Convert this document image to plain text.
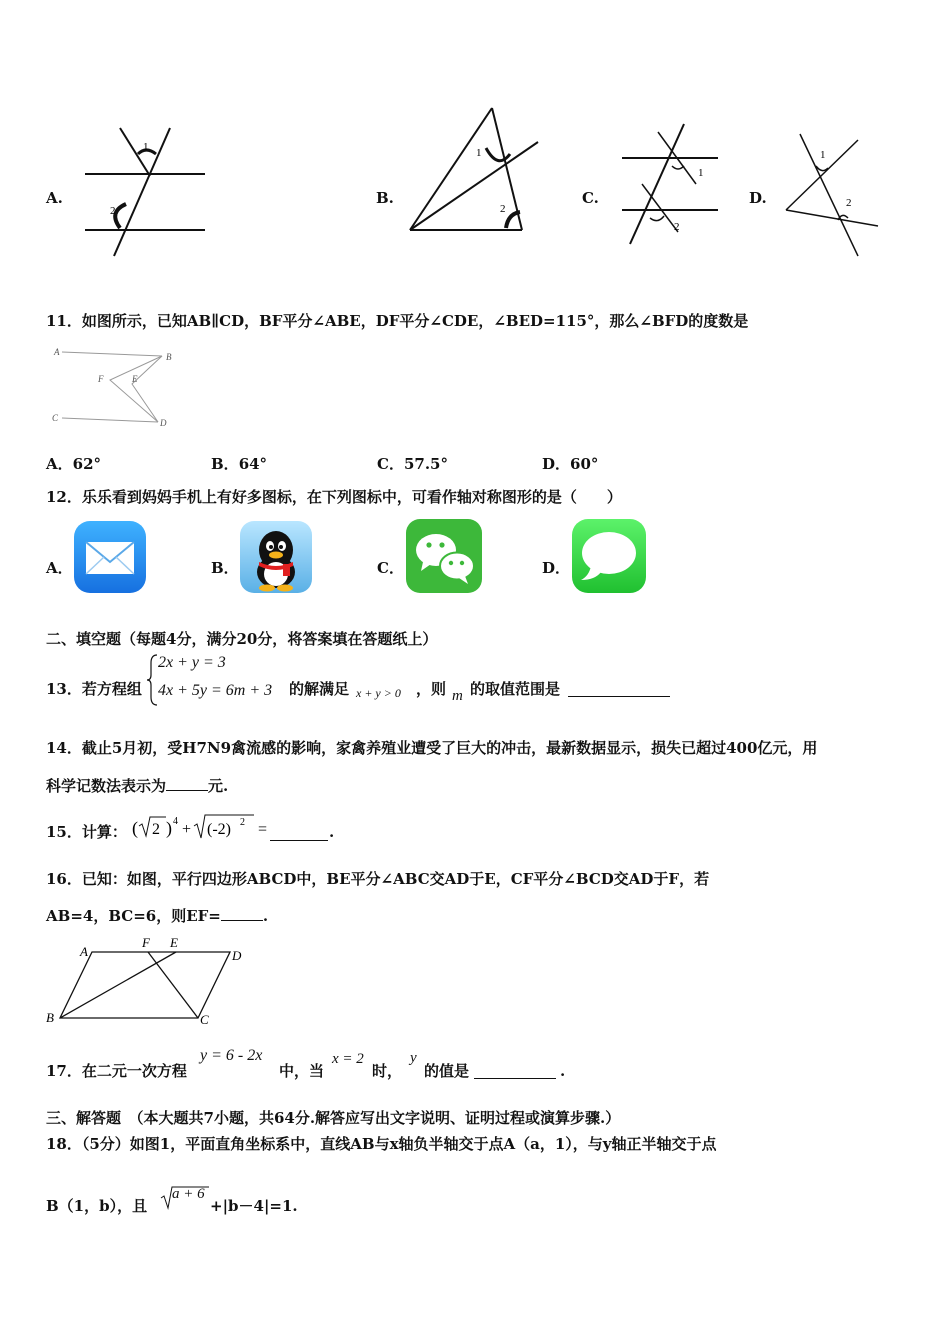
A.
1
2
B.
1
2
C.
1
2
D.
1
2
11．如图所示，已知AB∥CD，BF平分∠ABE，DF平分∠CDE，∠BED=115°，那么∠BFD的度数是
A	B
C	D
E
F
A．62°	B．64°	C．57.5°	D．60°
12．乐乐看到妈妈手机上有好多图标，在下列图标中，可看作轴对称图形的是（　　）
A．	B．	C．	D．
二、填空题（每题4分，满分20分，将答案填在答题纸上）
13．若方程组
2x + y = 3
4x + 5y = 6m + 3 的解满足 x + y > 0 ，则 m 的取值范围是
14．截止5月初，受H7N9禽流感的影响，家禽养殖业遭受了巨大的冲击，最新数据显示，损失已超过400亿元，用
科学记数法表示为	元.
15．计算： ( 2 ) 4 + (-2) 2 =	.
16．已知：如图，平行四边形ABCD中，BE平分∠ABC交AD于E，CF平分∠BCD交AD于F，若
AB=4，BC=6，则EF=	.
A	D
B	C
F E
17．在二元一次方程
y = 6 - 2x
中，当
x = 2
时，
y
的值是	.
三、解答题　（本大题共7小题，共64分.解答应写出文字说明、证明过程或演算步骤.）
18．（5分）如图1，平面直角坐标系中，直线AB与x轴负半轴交于点A（a，1），与y轴正半轴交于点
B（1，b），且
a + 6
+|b－4|=1.
